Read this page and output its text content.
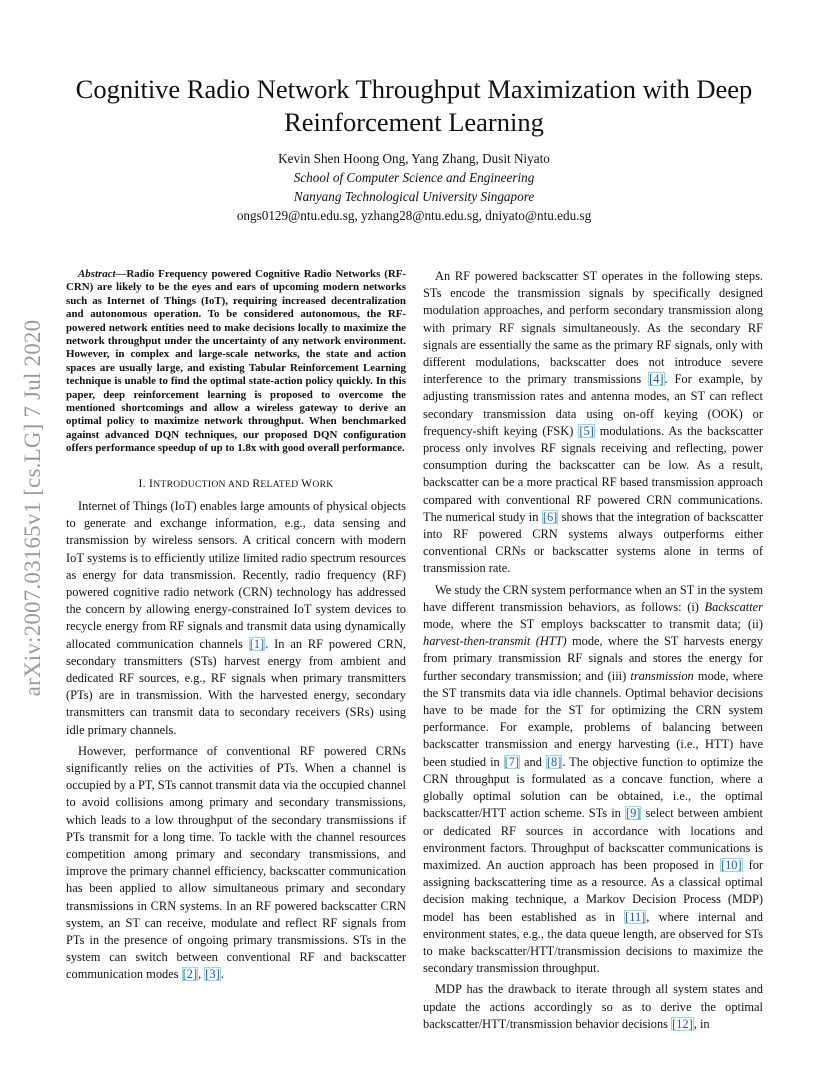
arXiv:2007.03165v1 [cs.LG] 7 Jul 2020
Cognitive Radio Network Throughput Maximization with Deep Reinforcement Learning
Kevin Shen Hoong Ong, Yang Zhang, Dusit Niyato
School of Computer Science and Engineering
Nanyang Technological University Singapore
ongs0129@ntu.edu.sg, yzhang28@ntu.edu.sg, dniyato@ntu.edu.sg

Abstract—Radio Frequency powered Cognitive Radio Networks (RF-CRN) are likely to be the eyes and ears of upcoming modern networks such as Internet of Things (IoT), requiring increased decentralization and autonomous operation. To be considered autonomous, the RF-powered network entities need to make decisions locally to maximize the network throughput under the uncertainty of any network environment. However, in complex and large-scale networks, the state and action spaces are usually large, and existing Tabular Reinforcement Learning technique is unable to find the optimal state-action policy quickly. In this paper, deep reinforcement learning is proposed to overcome the mentioned shortcomings and allow a wireless gateway to derive an optimal policy to maximize network throughput. When benchmarked against advanced DQN techniques, our proposed DQN configuration offers performance speedup of up to 1.8x with good overall performance.

I. INTRODUCTION AND RELATED WORK

Internet of Things (IoT) enables large amounts of physical objects to generate and exchange information, e.g., data sensing and transmission by wireless sensors. A critical concern with modern IoT systems is to efficiently utilize limited radio spectrum resources as energy for data transmission. Recently, radio frequency (RF) powered cognitive radio network (CRN) technology has addressed the concern by allowing energy-constrained IoT system devices to recycle energy from RF signals and transmit data using dynamically allocated communication channels [1]. In an RF powered CRN, secondary transmitters (STs) harvest energy from ambient and dedicated RF sources, e.g., RF signals when primary transmitters (PTs) are in transmission. With the harvested energy, secondary transmitters can transmit data to secondary receivers (SRs) using idle primary channels.

However, performance of conventional RF powered CRNs significantly relies on the activities of PTs. When a channel is occupied by a PT, STs cannot transmit data via the occupied channel to avoid collisions among primary and secondary transmissions, which leads to a low throughput of the secondary transmissions if PTs transmit for a long time. To tackle with the channel resources competition among primary and secondary transmissions, and improve the primary channel efficiency, backscatter communication has been applied to allow simultaneous primary and secondary transmissions in CRN systems. In an RF powered backscatter CRN system, an ST can receive, modulate and reflect RF signals from PTs in the presence of ongoing primary transmissions. STs in the system can switch between conventional RF and backscatter communication modes [2], [3].

An RF powered backscatter ST operates in the following steps. STs encode the transmission signals by specifically designed modulation approaches, and perform secondary transmission along with primary RF signals simultaneously. As the secondary RF signals are essentially the same as the primary RF signals, only with different modulations, backscatter does not introduce severe interference to the primary transmissions [4]. For example, by adjusting transmission rates and antenna modes, an ST can reflect secondary transmission data using on-off keying (OOK) or frequency-shift keying (FSK) [5] modulations. As the backscatter process only involves RF signals receiving and reflecting, power consumption during the backscatter can be low. As a result, backscatter can be a more practical RF based transmission approach compared with conventional RF powered CRN communications. The numerical study in [6] shows that the integration of backscatter into RF powered CRN systems always outperforms either conventional CRNs or backscatter systems alone in terms of transmission rate.

We study the CRN system performance when an ST in the system have different transmission behaviors, as follows: (i) Backscatter mode, where the ST employs backscatter to transmit data; (ii) harvest-then-transmit (HTT) mode, where the ST harvests energy from primary transmission RF signals and stores the energy for further secondary transmission; and (iii) transmission mode, where the ST transmits data via idle channels. Optimal behavior decisions have to be made for the ST for optimizing the CRN system performance. For example, problems of balancing between backscatter transmission and energy harvesting (i.e., HTT) have been studied in [7] and [8]. The objective function to optimize the CRN throughput is formulated as a concave function, where a globally optimal solution can be obtained, i.e., the optimal backscatter/HTT action scheme. STs in [9] select between ambient or dedicated RF sources in accordance with locations and environment factors. Throughput of backscatter communications is maximized. An auction approach has been proposed in [10] for assigning backscattering time as a resource. As a classical optimal decision making technique, a Markov Decision Process (MDP) model has been established as in [11], where internal and environment states, e.g., the data queue length, are observed for STs to make backscatter/HTT/transmission decisions to maximize the secondary transmission throughput.

MDP has the drawback to iterate through all system states and update the actions accordingly so as to derive the optimal backscatter/HTT/transmission behavior decisions [12], in
